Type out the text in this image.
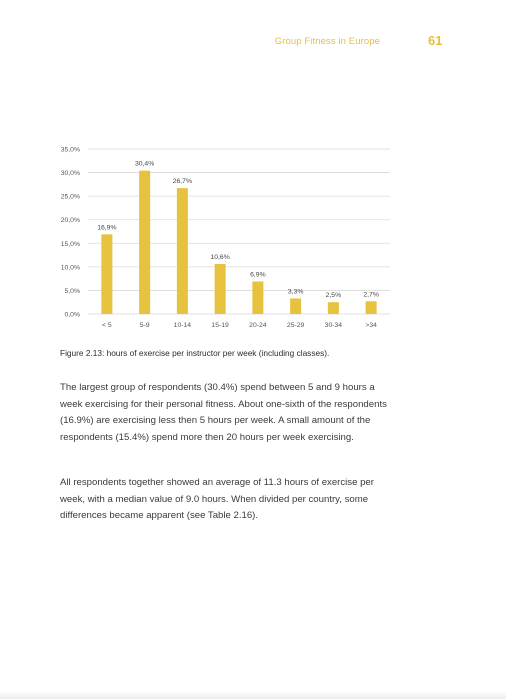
Group Fitness in Europe	61
0,0%
5,0%
10,0%
15,0%
20,0%
25,0%
30,0%
35,0%
16,9%
30,4%
26,7%
10,6%
6,9%
3,3%
2,5%	2,7%
< 5	5-9	10-14	15-19	20-24	25-29	30-34	>34
Figure 2.13: hours of exercise per instructor per week (including classes).

The largest group of respondents (30.4%) spend between 5 and 9 hours a week exercising for their personal fitness. About one-sixth of the respondents (16.9%) are exercising less then 5 hours per week. A small amount of the respondents (15.4%) spend more then 20 hours per week exercising.

All respondents together showed an average of 11.3 hours of exercise per week, with a median value of 9.0 hours. When divided per country, some differences became apparent (see Table 2.16).
